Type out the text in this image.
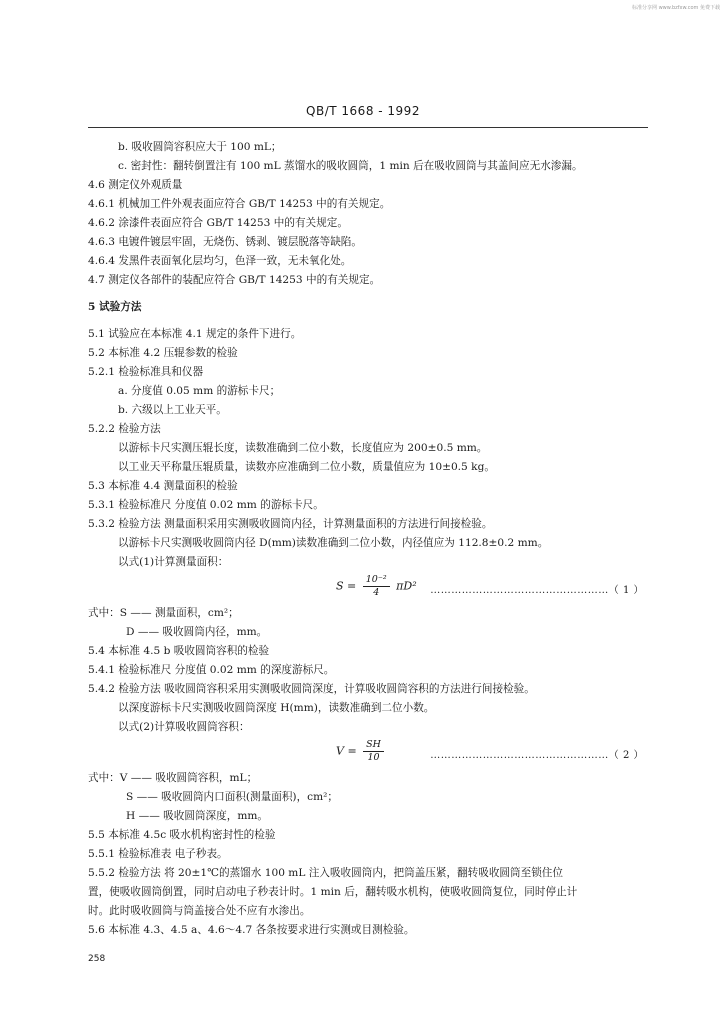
标准分享网 www.bzfxw.com 免费下载
QB/T 1668 - 1992
b. 吸收圆筒容积应大于 100 mL；
c. 密封性：翻转倒置注有 100 mL 蒸馏水的吸收圆筒，1 min 后在吸收圆筒与其盖间应无水渗漏。
4.6 测定仪外观质量
4.6.1 机械加工件外观表面应符合 GB/T 14253 中的有关规定。
4.6.2 涂漆件表面应符合 GB/T 14253 中的有关规定。
4.6.3 电镀件镀层牢固，无烧伤、锈剥、镀层脱落等缺陷。
4.6.4 发黑件表面氧化层均匀，色泽一致，无未氧化处。
4.7 测定仪各部件的装配应符合 GB/T 14253 中的有关规定。
5 试验方法
5.1 试验应在本标准 4.1 规定的条件下进行。
5.2 本标准 4.2 压辊参数的检验
5.2.1 检验标准具和仪器
a. 分度值 0.05 mm 的游标卡尺；
b. 六级以上工业天平。
5.2.2 检验方法
以游标卡尺实测压辊长度，读数准确到二位小数，长度值应为 200±0.5 mm。
以工业天平称量压辊质量，读数亦应准确到二位小数，质量值应为 10±0.5 kg。
5.3 本标准 4.4 测量面积的检验
5.3.1 检验标准尺 分度值 0.02 mm 的游标卡尺。
5.3.2 检验方法 测量面积采用实测吸收圆筒内径，计算测量面积的方法进行间接检验。
以游标卡尺实测吸收圆筒内径 D(mm)读数准确到二位小数，内径值应为 112.8±0.2 mm。
以式(1)计算测量面积：
$S = \frac{\text{10⁻²}}{4} \pi D^2$ ……………………………………………（ 1 ）
式中：S —— 测量面积，cm²；
D —— 吸收圆筒内径，mm。
5.4 本标准 4.5 b 吸收圆筒容积的检验
5.4.1 检验标准尺 分度值 0.02 mm 的深度游标尺。
5.4.2 检验方法 吸收圆筒容积采用实测吸收圆筒深度，计算吸收圆筒容积的方法进行间接检验。
以深度游标卡尺实测吸收圆筒深度 H(mm)，读数准确到二位小数。
以式(2)计算吸收圆筒容积：
$V = \frac{SH}{10}$	……………………………………………（ 2 ）
式中：V —— 吸收圆筒容积，mL；
S —— 吸收圆筒内口面积(测量面积)，cm²；
H —— 吸收圆筒深度，mm。
5.5 本标准 4.5c 吸水机构密封性的检验
5.5.1 检验标准表 电子秒表。
5.5.2 检验方法 将 20±1℃的蒸馏水 100 mL 注入吸收圆筒内，把筒盖压紧，翻转吸收圆筒至锁住位
置，使吸收圆筒倒置，同时启动电子秒表计时。1 min 后，翻转吸水机构，使吸收圆筒复位，同时停止计
时。此时吸收圆筒与筒盖接合处不应有水渗出。
5.6 本标准 4.3、4.5 a、4.6～4.7 各条按要求进行实测或目测检验。
258
